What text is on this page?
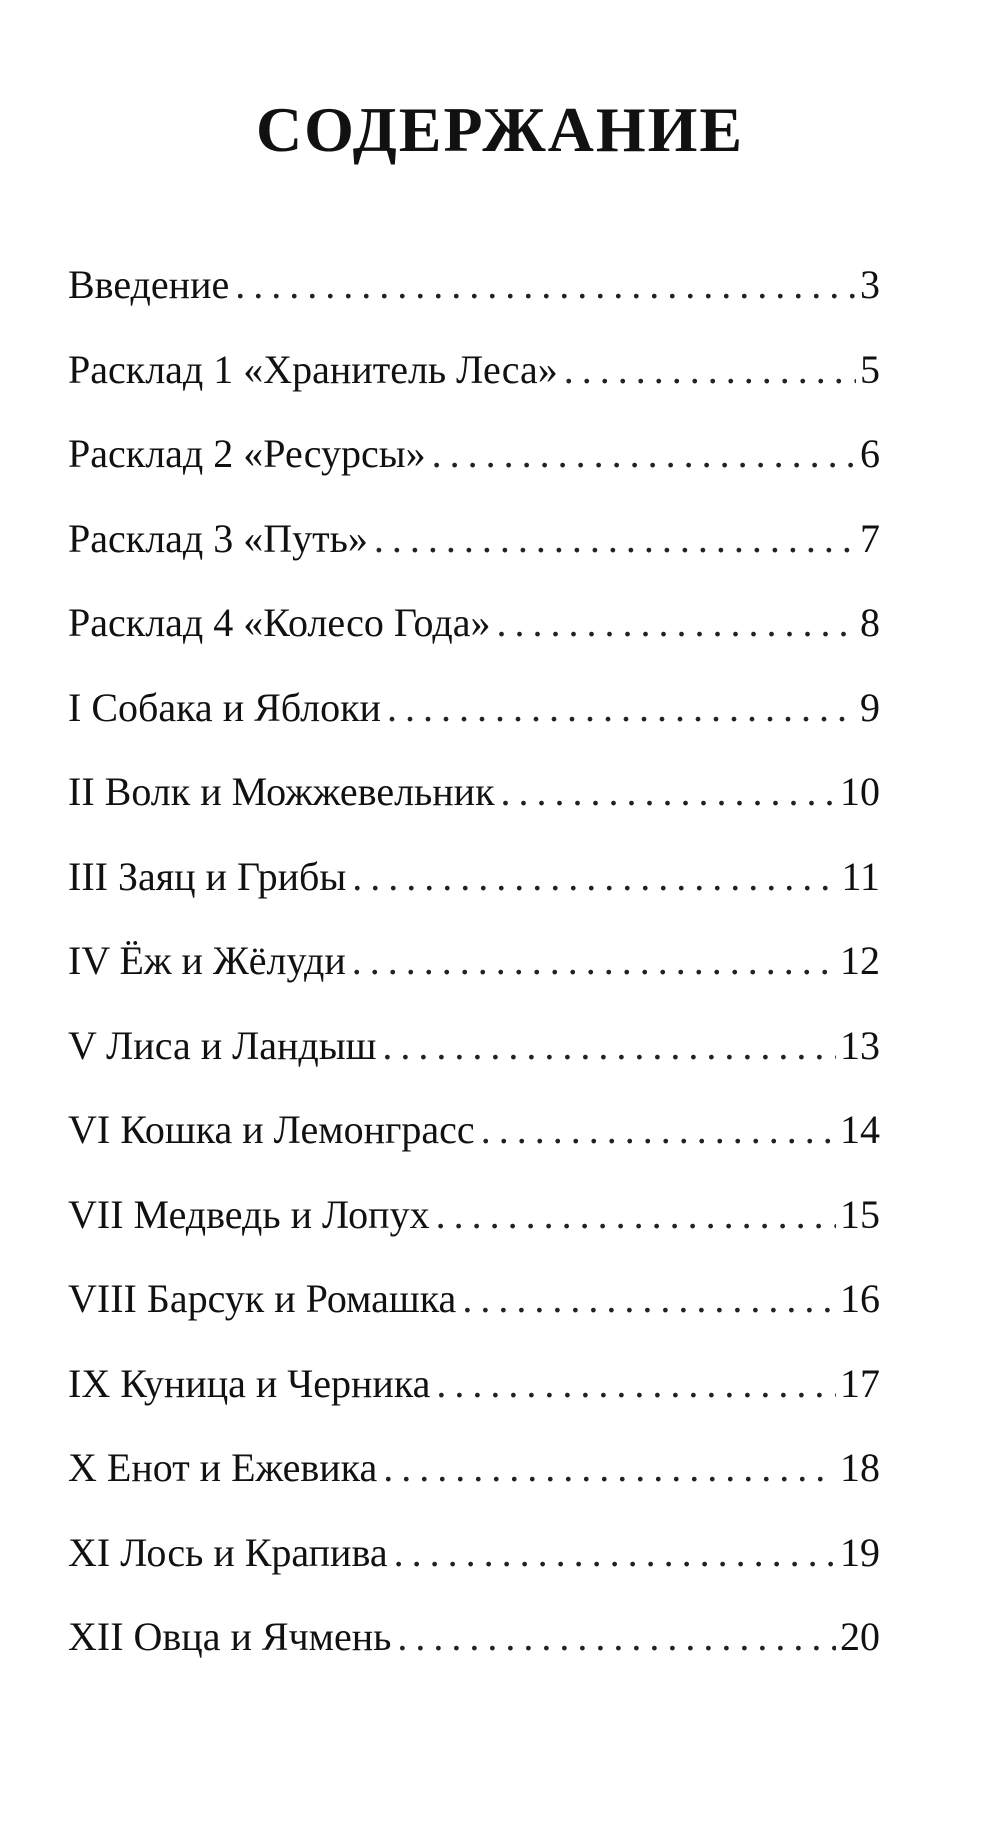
СОДЕРЖАНИЕ
Введение . . .	3
Расклад 1 «Хранитель Леса» . . .	5
Расклад 2 «Ресурсы» . . .	6
Расклад 3 «Путь» . . .	7
Расклад 4 «Колесо Года» . . .	8
I Собака и Яблоки . . .	9
II Волк и Можжевельник . . .	10
III Заяц и Грибы . . .	11
IV Ёж и Жёлуди . . .	12
V Лиса и Ландыш . . .	13
VI Кошка и Лемонграсс . . .	14
VII Медведь и Лопух . . .	15
VIII Барсук и Ромашка . . .	16
IX Куница и Черника . . .	17
X Енот и Ежевика . . .	18
XI Лось и Крапива . . .	19
XII Овца и Ячмень . . .	20
